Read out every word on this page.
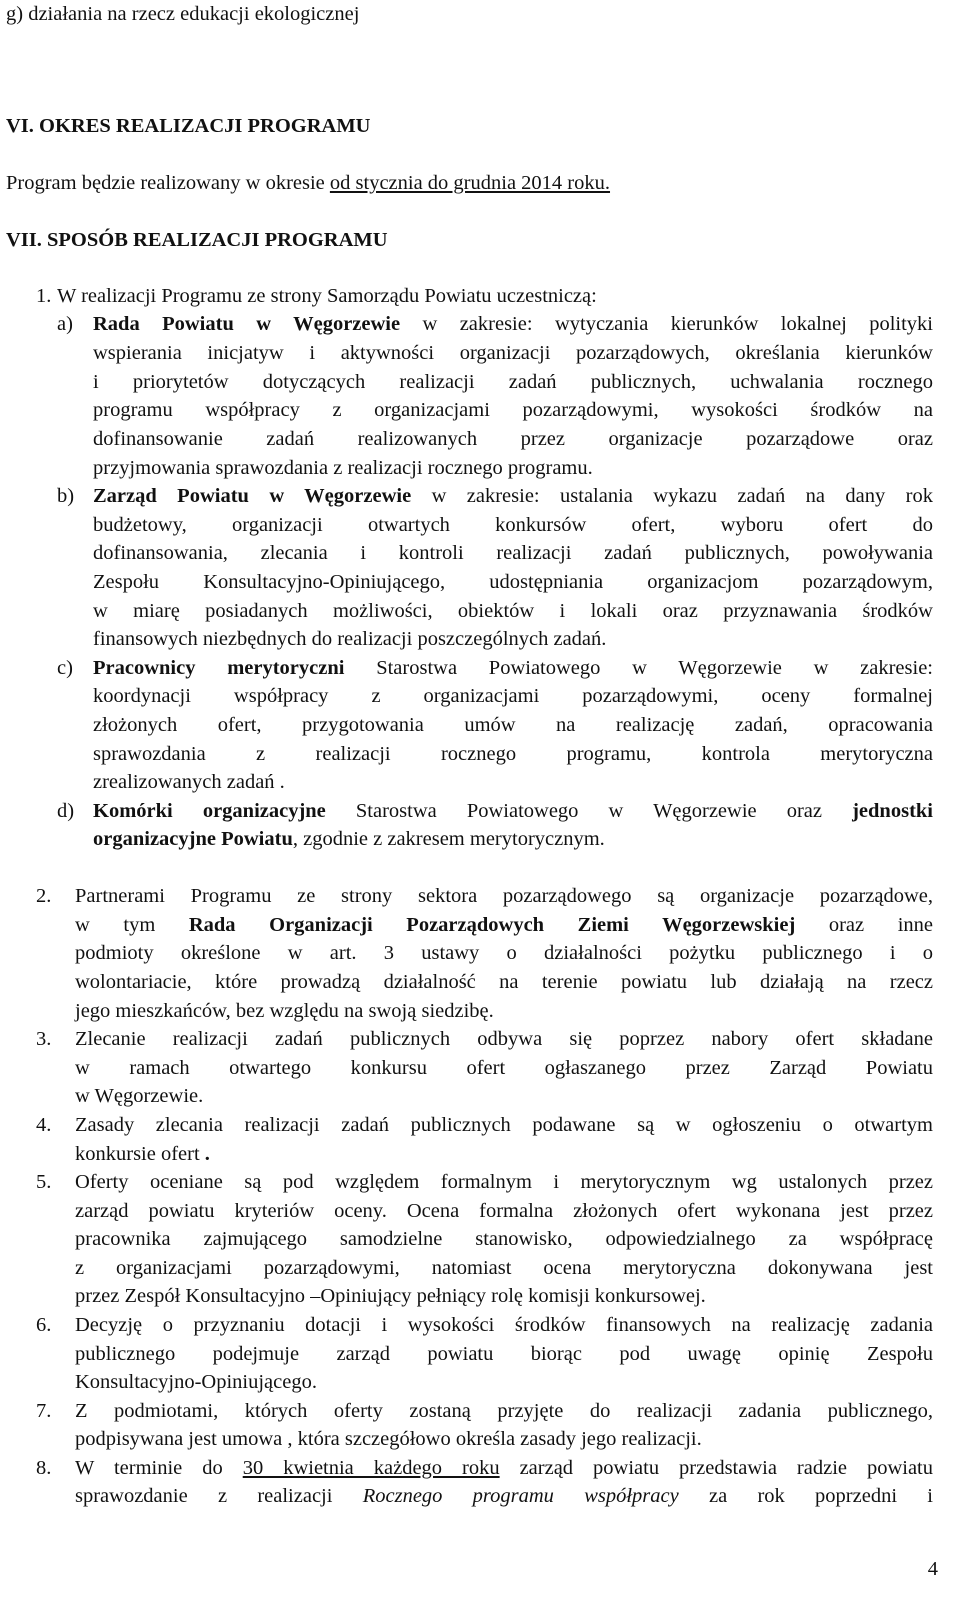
g) działania na rzecz edukacji ekologicznej

VI. OKRES REALIZACJI PROGRAMU

Program będzie realizowany w okresie od stycznia do grudnia 2014 roku.

VII. SPOSÓB REALIZACJI PROGRAMU

1. W realizacji Programu ze strony Samorządu Powiatu uczestniczą:

a) Rada Powiatu w Węgorzewie w zakresie: wytyczania kierunków lokalnej polityki

wspierania inicjatyw i aktywności organizacji pozarządowych, określania kierunków

i priorytetów dotyczących realizacji zadań publicznych, uchwalania rocznego

programu współpracy z organizacjami pozarządowymi, wysokości środków na

dofinansowanie zadań realizowanych przez organizacje pozarządowe oraz

przyjmowania sprawozdania z realizacji rocznego programu.

b) Zarząd Powiatu w Węgorzewie w zakresie: ustalania wykazu zadań na dany rok

budżetowy, organizacji otwartych konkursów ofert, wyboru ofert do

dofinansowania, zlecania i kontroli realizacji zadań publicznych, powoływania

Zespołu Konsultacyjno-Opiniującego, udostępniania organizacjom pozarządowym,

w miarę posiadanych możliwości, obiektów i lokali oraz przyznawania środków

finansowych niezbędnych do realizacji poszczególnych zadań.

c) Pracownicy merytoryczni Starostwa Powiatowego w Węgorzewie w zakresie:

koordynacji współpracy z organizacjami pozarządowymi, oceny formalnej

złożonych ofert, przygotowania umów na realizację zadań, opracowania

sprawozdania z realizacji rocznego programu, kontrola merytoryczna

zrealizowanych zadań .

d) Komórki organizacyjne Starostwa Powiatowego w Węgorzewie oraz jednostki

organizacyjne Powiatu, zgodnie z zakresem merytorycznym.

2. Partnerami Programu ze strony sektora pozarządowego są organizacje pozarządowe,

w tym Rada Organizacji Pozarządowych Ziemi Węgorzewskiej oraz inne

podmioty określone w art. 3 ustawy o działalności pożytku publicznego i o

wolontariacie, które prowadzą działalność na terenie powiatu lub działają na rzecz

jego mieszkańców, bez względu na swoją siedzibę.

3. Zlecanie realizacji zadań publicznych odbywa się poprzez nabory ofert składane

w ramach otwartego konkursu ofert ogłaszanego przez Zarząd Powiatu

w Węgorzewie.

4. Zasady zlecania realizacji zadań publicznych podawane są w ogłoszeniu o otwartym

konkursie ofert .

5. Oferty oceniane są pod względem formalnym i merytorycznym wg ustalonych przez

zarząd powiatu kryteriów oceny. Ocena formalna złożonych ofert wykonana jest przez

pracownika zajmującego samodzielne stanowisko, odpowiedzialnego za współpracę

z organizacjami pozarządowymi, natomiast ocena merytoryczna dokonywana jest

przez Zespół Konsultacyjno –Opiniujący pełniący rolę komisji konkursowej.

6. Decyzję o przyznaniu dotacji i wysokości środków finansowych na realizację zadania

publicznego podejmuje zarząd powiatu biorąc pod uwagę opinię Zespołu

Konsultacyjno-Opiniującego.

7. Z podmiotami, których oferty zostaną przyjęte do realizacji zadania publicznego,

podpisywana jest umowa , która szczegółowo określa zasady jego realizacji.

8. W terminie do 30 kwietnia każdego roku zarząd powiatu przedstawia radzie powiatu

sprawozdanie z realizacji Rocznego programu współpracy za rok poprzedni i

4
